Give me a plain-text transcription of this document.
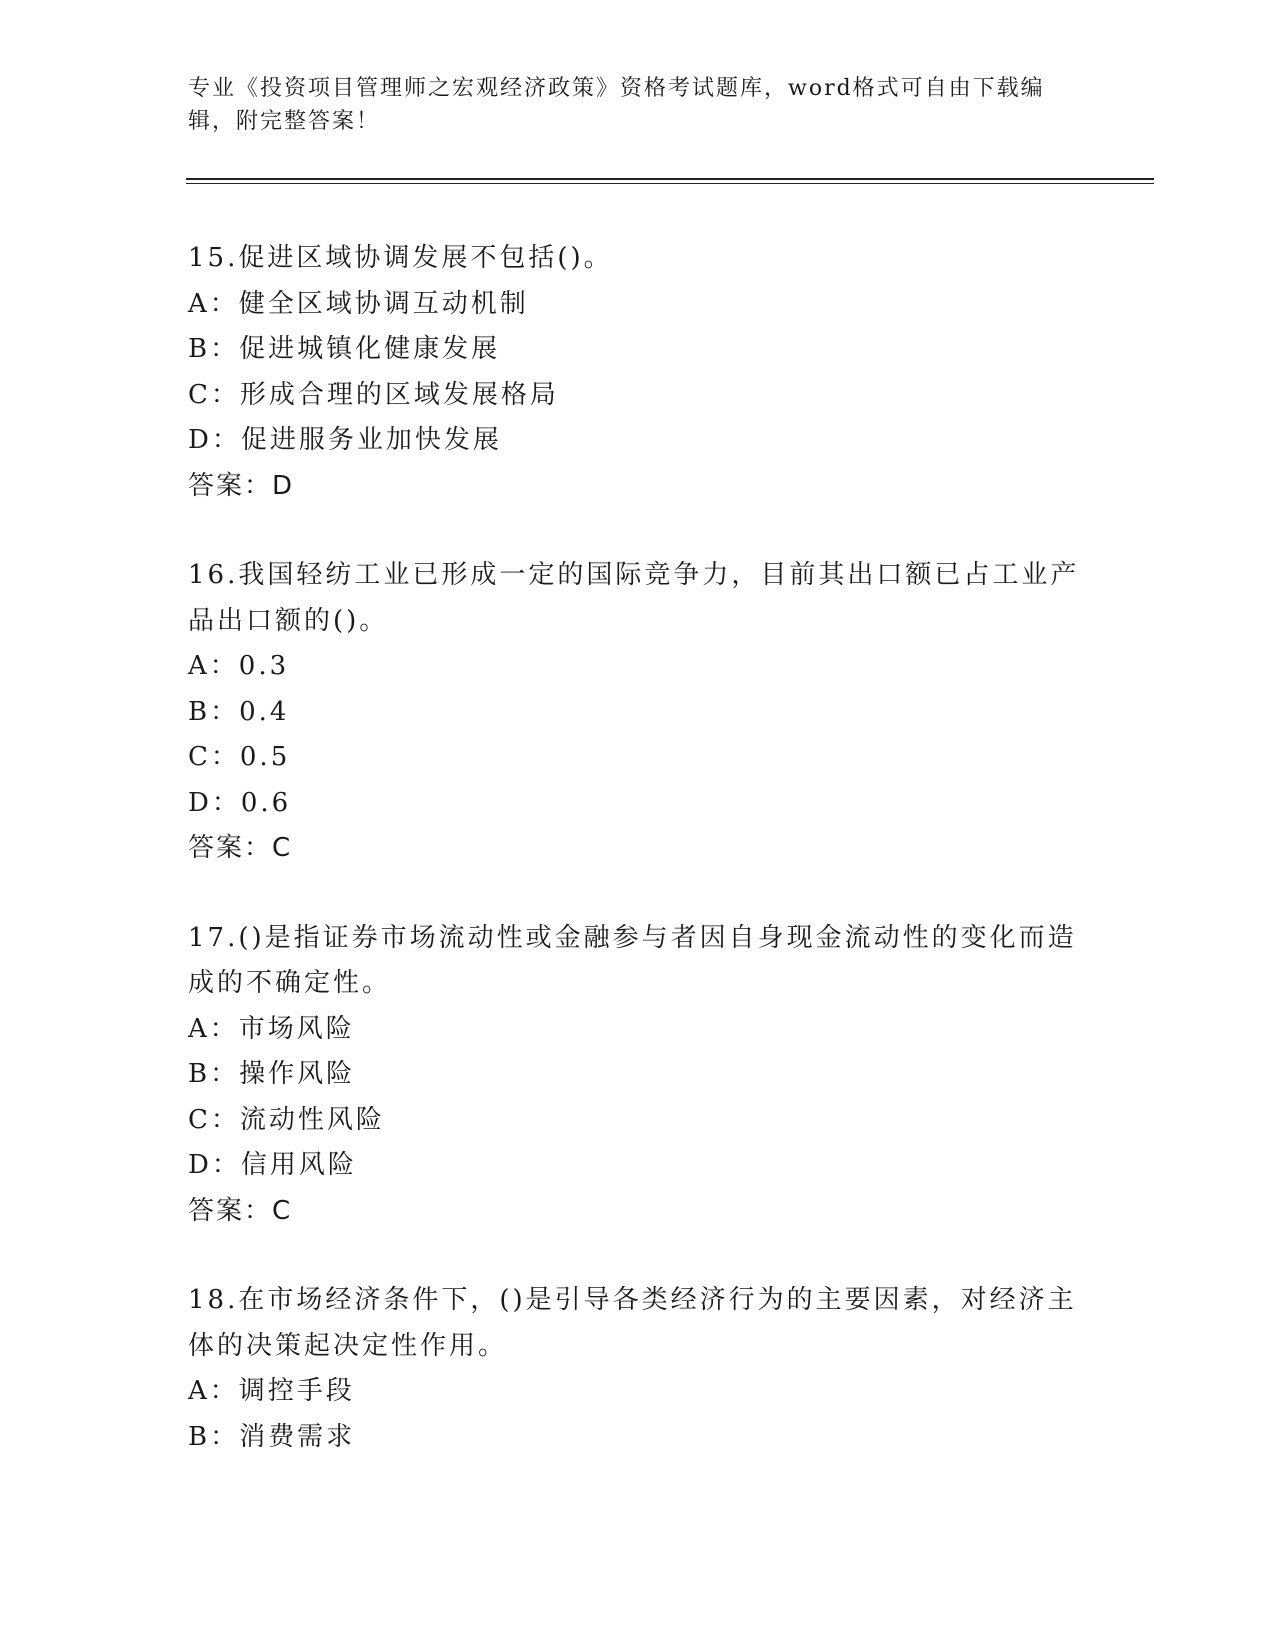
专业《投资项目管理师之宏观经济政策》资格考试题库，word格式可自由下载编辑，附完整答案！
15.促进区域协调发展不包括()。
A：健全区域协调互动机制
B：促进城镇化健康发展
C：形成合理的区域发展格局
D：促进服务业加快发展
答案：D
16.我国轻纺工业已形成一定的国际竞争力，目前其出口额已占工业产品出口额的()。
A：0.3
B：0.4
C：0.5
D：0.6
答案：C
17.()是指证券市场流动性或金融参与者因自身现金流动性的变化而造成的不确定性。
A：市场风险
B：操作风险
C：流动性风险
D：信用风险
答案：C
18.在市场经济条件下，()是引导各类经济行为的主要因素，对经济主体的决策起决定性作用。
A：调控手段
B：消费需求
